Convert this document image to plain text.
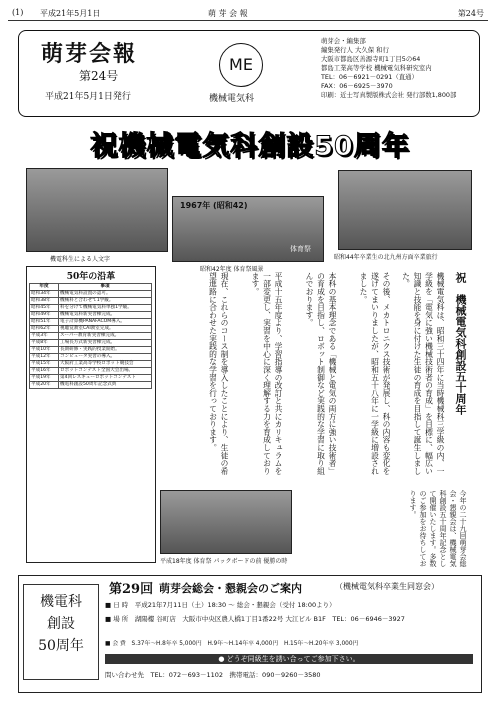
(1) 平成21年5月1日	萌 芽 会 報	第24号
萌芽会報
第24号
平成21年5月1日発行
ME
機械電気科
萌芽会・編集部
編集発行人 大久保 和行
大阪市都島区善源寺町1丁目5の64
都島工業高等学校 機械電気科研究室内
TEL：06－6921－0291（直通）
FAX：06－6925－3970
印刷：近士写真製版株式会社 発行部数1,800部
祝機械電気科創設50周年
機電科生による人文字
1967年 (昭和42)
体育祭
昭和42年度 体育祭風景
昭和44年卒業生の北九州方面卒業旅行
50年の沿革
年度	事項
昭和34年	機械電気科設置の認可。
昭和38年	機械科と合わせて1学級。
昭和45年	科を分けて機械電気科単独1学級。
昭和49年	機械電気科新実習棟完成。
昭和51年	電子計算機PANAFACOM導入。
昭和62年	視聴覚教室CAI教室完成。
平成3年	スーパー教育新実習棟完成。
平成8年	工場長方式新実習棟完成。
平成10年	長期研修・実践的授業開始。
平成12年	コンピュータ実習の導入。
平成15年	大阪府工業高等学校ロボット競技会
平成16年	ロボットコンテスト全国大会出場。
平成19年	第4回レスキューロボットコンテスト
平成20年	機電科創設50周年記念式典	祝　機械電気科創設五十周年
機械電気科は、昭和三十四年に当時機械科三学級の内、一学級を「電気に強い機械技術者の育成」を目標に、幅広い知識と技能を身に付けた生徒の育成を目指して誕生しました。
その後、メカトロニクス技術が発展し、科の内容も変化を遂げてまいりましたが、昭和五十八年に一学級に増設されました。
本科の基本理念である「機械と電気の両方に強い技術者」の育成を目指し、ロボット制御など実践的な学習に取り組んでおります。
平成十五年度より、学習指導の改訂と共にカリキュラムを一部変更し、実習を中心に深く理解する力を育成しております。
現在、これらのコース制を導入したことにより、生徒の希望進路に合わせた実践的な学習を行っております。
平成18年度 体育祭 パックボードの前 優勝の時	今年の二十九回萌芽会総会・懇親会は、機械電気科創設五十周年記念として開催いたします。多数のご参加をお待ちしております。
機電科
創設
50周年
第29回 萌芽会総会・懇親会のご案内	（機械電気科卒業生同窓会）
■ 日 時　平成21年7月11日（土）18:30 ～ 総会・懇親会（受付 18:00より）
■ 場 所　湖陽樓 谷町店　大阪市中央区農人橋1丁目1番22号 大江ビル B1F　TEL：06－6946－3927
■ 会 費　S.37年～H.8年卒 5,000円　H.9年～H.14年卒 4,000円　H.15年～H.20年卒 3,000円
● どうぞ同級生を誘い合ってご参加下さい。
問い合わせ先　TEL：072－693－1102　携帯電話：090－9260－3580
